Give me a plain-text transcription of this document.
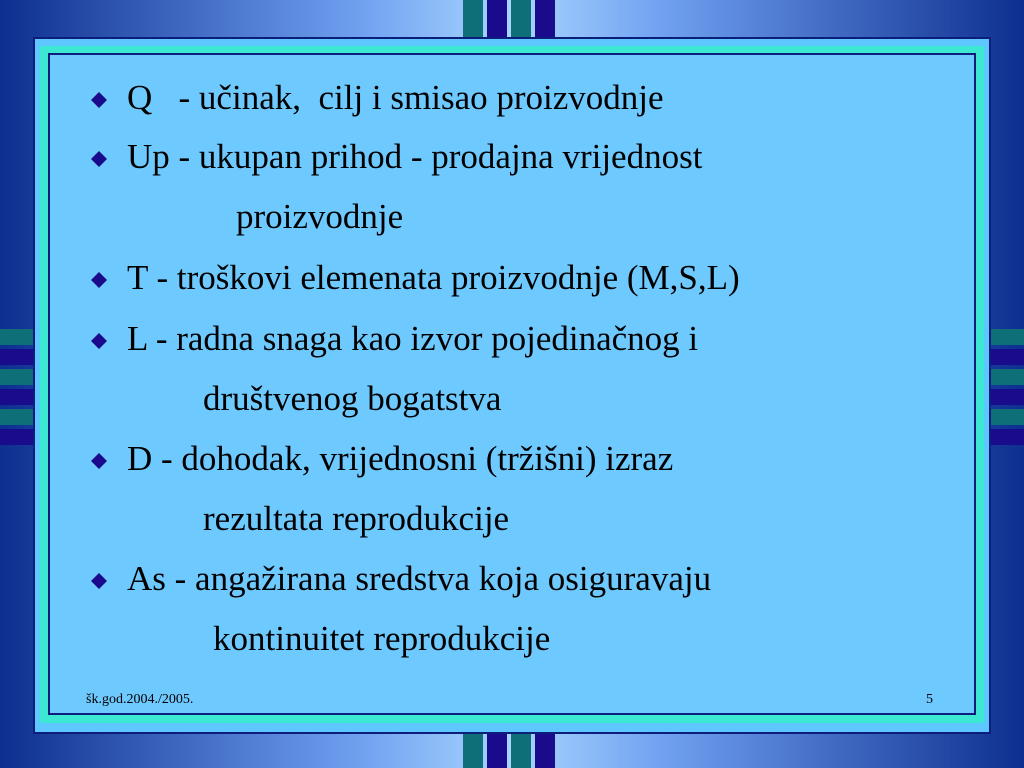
Q   - učinak,  cilj i smisao proizvodnje
Up - ukupan prihod - prodajna vrijednost
proizvodnje
T - troškovi elemenata proizvodnje (M,S,L)
L - radna snaga kao izvor pojedinačnog i
društvenog bogatstva
D - dohodak, vrijednosni (tržišni) izraz
rezultata reprodukcije
As - angažirana sredstva koja osiguravaju
kontinuitet reprodukcije
šk.god.2004./2005.	5
